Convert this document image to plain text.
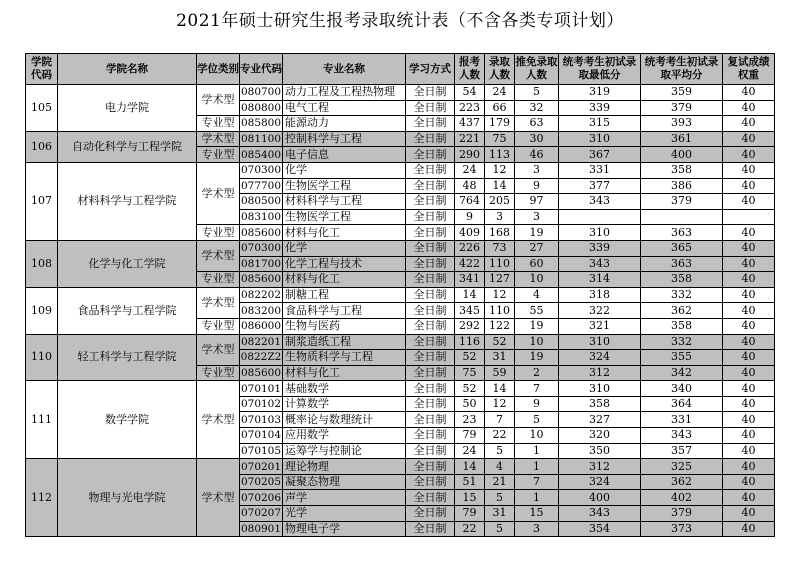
2021年硕士研究生报考录取统计表（不含各类专项计划）
学院代码	学院名称	学位类别	专业代码	专业名称	学习方式	报考人数	录取人数	推免录取人数	统考考生初试录取最低分	统考考生初试录取平均分	复试成绩权重
105	电力学院	学术型	080700	动力工程及工程热物理	全日制	54	24	5	319	359	40
			080800	电气工程	全日制	223	66	32	339	379	40
		专业型	085800	能源动力	全日制	437	179	63	315	393	40
106	自动化科学与工程学院	学术型	081100	控制科学与工程	全日制	221	75	30	310	361	40
		专业型	085400	电子信息	全日制	290	113	46	367	400	40
107	材料科学与工程学院	学术型	070300	化学	全日制	24	12	3	331	358	40
			077700	生物医学工程	全日制	48	14	9	377	386	40
			080500	材料科学与工程	全日制	764	205	97	343	379	40
			083100	生物医学工程	全日制	9	3	3			
		专业型	085600	材料与化工	全日制	409	168	19	310	363	40
108	化学与化工学院	学术型	070300	化学	全日制	226	73	27	339	365	40
			081700	化学工程与技术	全日制	422	110	60	343	363	40
		专业型	085600	材料与化工	全日制	341	127	10	314	358	40
109	食品科学与工程学院	学术型	082202	制糖工程	全日制	14	12	4	318	332	40
			083200	食品科学与工程	全日制	345	110	55	322	362	40
		专业型	086000	生物与医药	全日制	292	122	19	321	358	40
110	轻工科学与工程学院	学术型	082201	制浆造纸工程	全日制	116	52	10	310	332	40
			0822Z2	生物质科学与工程	全日制	52	31	19	324	355	40
		专业型	085600	材料与化工	全日制	75	59	2	312	342	40
111	数学学院	学术型	070101	基础数学	全日制	52	14	7	310	340	40
			070102	计算数学	全日制	50	12	9	358	364	40
			070103	概率论与数理统计	全日制	23	7	5	327	331	40
			070104	应用数学	全日制	79	22	10	320	343	40
			070105	运筹学与控制论	全日制	24	5	1	350	357	40
112	物理与光电学院	学术型	070201	理论物理	全日制	14	4	1	312	325	40
			070205	凝聚态物理	全日制	51	21	7	324	362	40
			070206	声学	全日制	15	5	1	400	402	40
			070207	光学	全日制	79	31	15	343	379	40
			080901	物理电子学	全日制	22	5	3	354	373	40
